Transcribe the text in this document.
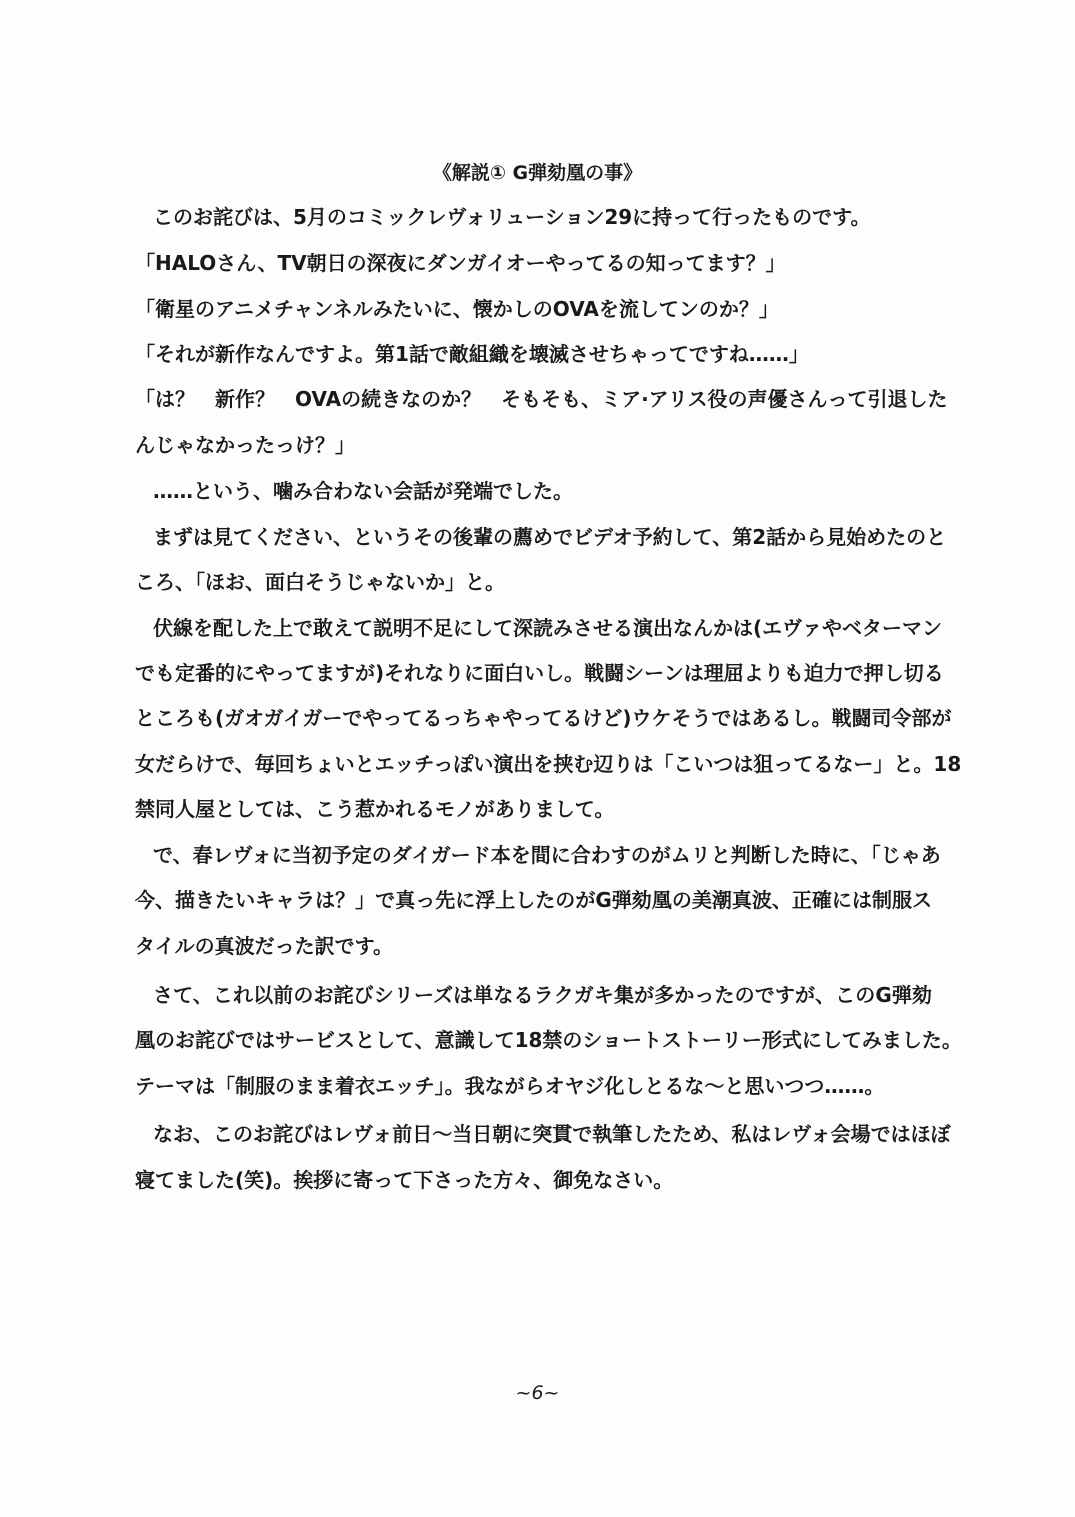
《解説① G弾劾凰の事》
このお詫びは、5月のコミックレヴォリューション29に持って行ったものです。
「HALOさん、TV朝日の深夜にダンガイオーやってるの知ってます？」
「衛星のアニメチャンネルみたいに、懐かしのOVAを流してンのか？」
「それが新作なんですよ。第1話で敵組織を壊滅させちゃってですね……」
「は？　新作？　OVAの続きなのか？　そもそも、ミア·アリス役の声優さんって引退した
んじゃなかったっけ？」
……という、噛み合わない会話が発端でした。
まずは見てください、というその後輩の薦めでビデオ予約して、第2話から見始めたのと
ころ、「ほお、面白そうじゃないか」と。
伏線を配した上で敢えて説明不足にして深読みさせる演出なんかは(エヴァやベターマン
でも定番的にやってますが)それなりに面白いし。戦闘シーンは理屈よりも迫力で押し切る
ところも(ガオガイガーでやってるっちゃやってるけど)ウケそうではあるし。戦闘司令部が
女だらけで、毎回ちょいとエッチっぽい演出を挟む辺りは「こいつは狙ってるなー」と。18
禁同人屋としては、こう惹かれるモノがありまして。
で、春レヴォに当初予定のダイガード本を間に合わすのがムリと判断した時に、「じゃあ
今、描きたいキャラは？」で真っ先に浮上したのがG弾劾凰の美潮真波、正確には制服ス
タイルの真波だった訳です。
さて、これ以前のお詫びシリーズは単なるラクガキ集が多かったのですが、このG弾劾
凰のお詫びではサービスとして、意識して18禁のショートストーリー形式にしてみました。
テーマは「制服のまま着衣エッチ」。我ながらオヤジ化しとるな～と思いつつ……。
なお、このお詫びはレヴォ前日～当日朝に突貫で執筆したため、私はレヴォ会場ではほぼ
寝てました(笑)。挨拶に寄って下さった方々、御免なさい。
~6~
